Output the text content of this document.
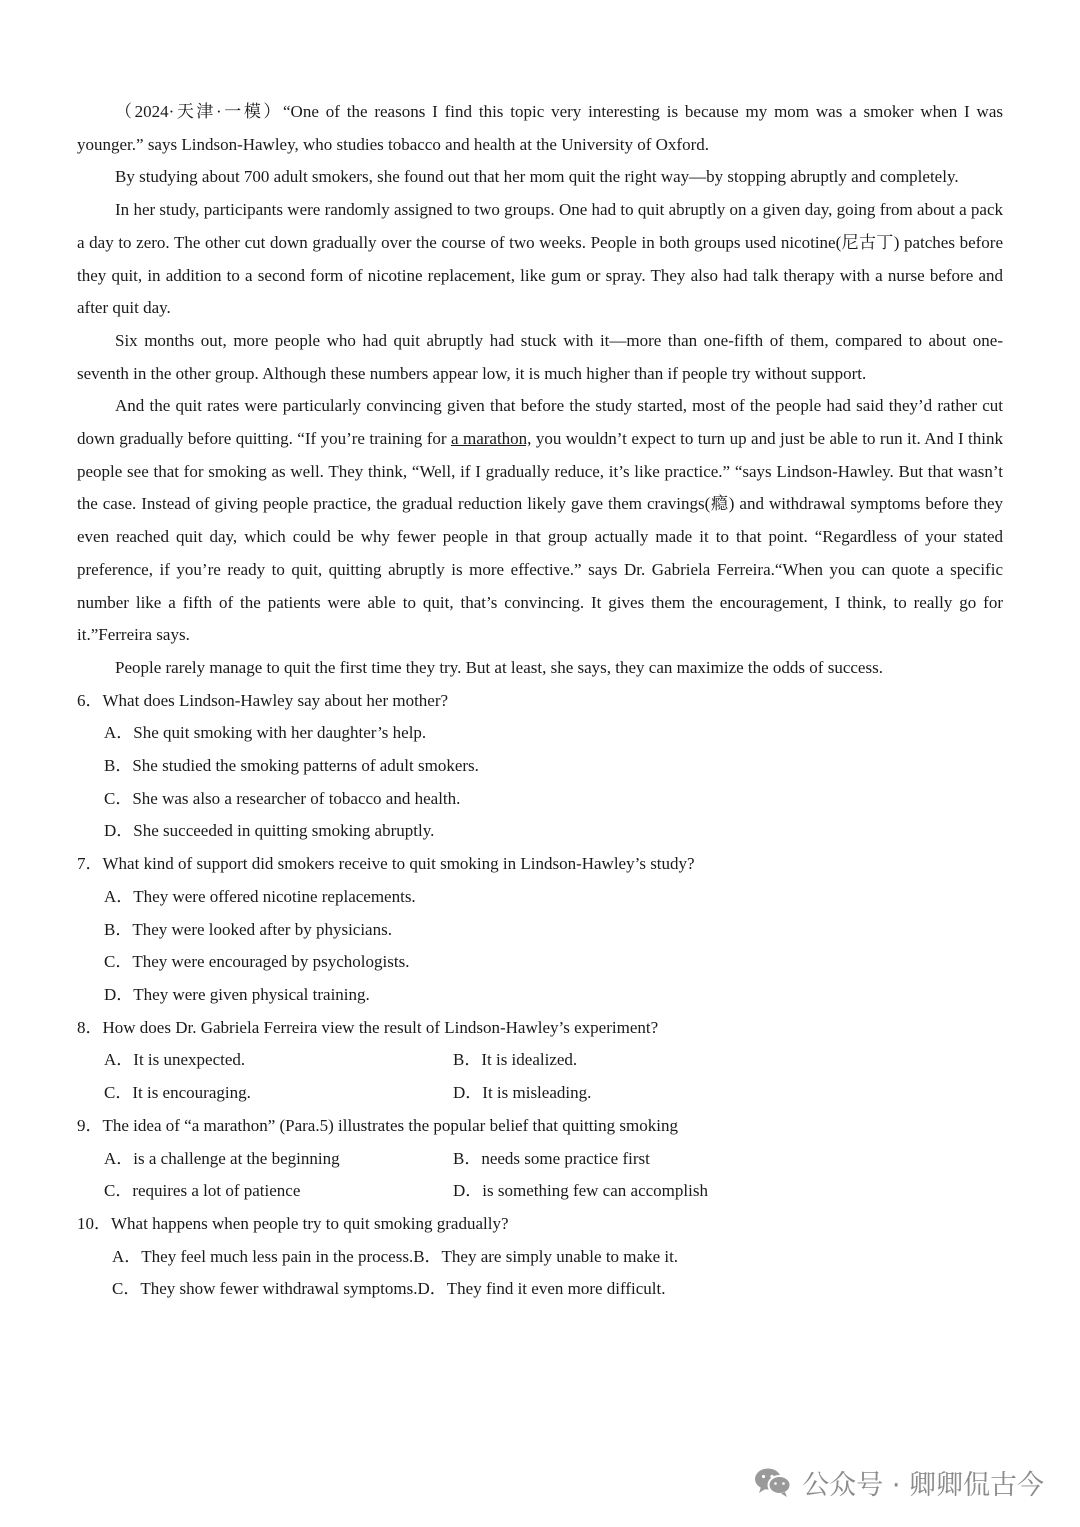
（2024·天津·一模）“One of the reasons I find this topic very interesting is because my mom was a smoker when I was younger.” says Lindson-Hawley, who studies tobacco and health at the University of Oxford.

By studying about 700 adult smokers, she found out that her mom quit the right way—by stopping abruptly and completely.

In her study, participants were randomly assigned to two groups. One had to quit abruptly on a given day, going from about a pack a day to zero. The other cut down gradually over the course of two weeks. People in both groups used nicotine(尼古丁) patches before they quit, in addition to a second form of nicotine replacement, like gum or spray. They also had talk therapy with a nurse before and after quit day.

Six months out, more people who had quit abruptly had stuck with it—more than one-fifth of them, compared to about one-seventh in the other group. Although these numbers appear low, it is much higher than if people try without support.

And the quit rates were particularly convincing given that before the study started, most of the people had said they’d rather cut down gradually before quitting. “If you’re training for a marathon, you wouldn’t expect to turn up and just be able to run it. And I think people see that for smoking as well. They think, “Well, if I gradually reduce, it’s like practice.” “says Lindson-Hawley. But that wasn’t the case. Instead of giving people practice, the gradual reduction likely gave them cravings(瘾) and withdrawal symptoms before they even reached quit day, which could be why fewer people in that group actually made it to that point. “Regardless of your stated preference, if you’re ready to quit, quitting abruptly is more effective.” says Dr. Gabriela Ferreira.“When you can quote a specific number like a fifth of the patients were able to quit, that’s convincing. It gives them the encouragement, I think, to really go for it.”Ferreira says.

People rarely manage to quit the first time they try. But at least, she says, they can maximize the odds of success.

6．What does Lindson-Hawley say about her mother?

A．She quit smoking with her daughter’s help.

B．She studied the smoking patterns of adult smokers.

C．She was also a researcher of tobacco and health.

D．She succeeded in quitting smoking abruptly.

7．What kind of support did smokers receive to quit smoking in Lindson-Hawley’s study?

A．They were offered nicotine replacements.

B．They were looked after by physicians.

C．They were encouraged by psychologists.

D．They were given physical training.

8．How does Dr. Gabriela Ferreira view the result of Lindson-Hawley’s experiment?

A．It is unexpected.	B．It is idealized.

C．It is encouraging.	D．It is misleading.

9．The idea of “a marathon” (Para.5) illustrates the popular belief that quitting smoking

A．is a challenge at the beginning	B．needs some practice first

C．requires a lot of patience	D．is something few can accomplish

10．What happens when people try to quit smoking gradually?

A．They feel much less pain in the process.B．They are simply unable to make it.

C．They show fewer withdrawal symptoms.D．They find it even more difficult.

公众号 · 卿卿侃古今
